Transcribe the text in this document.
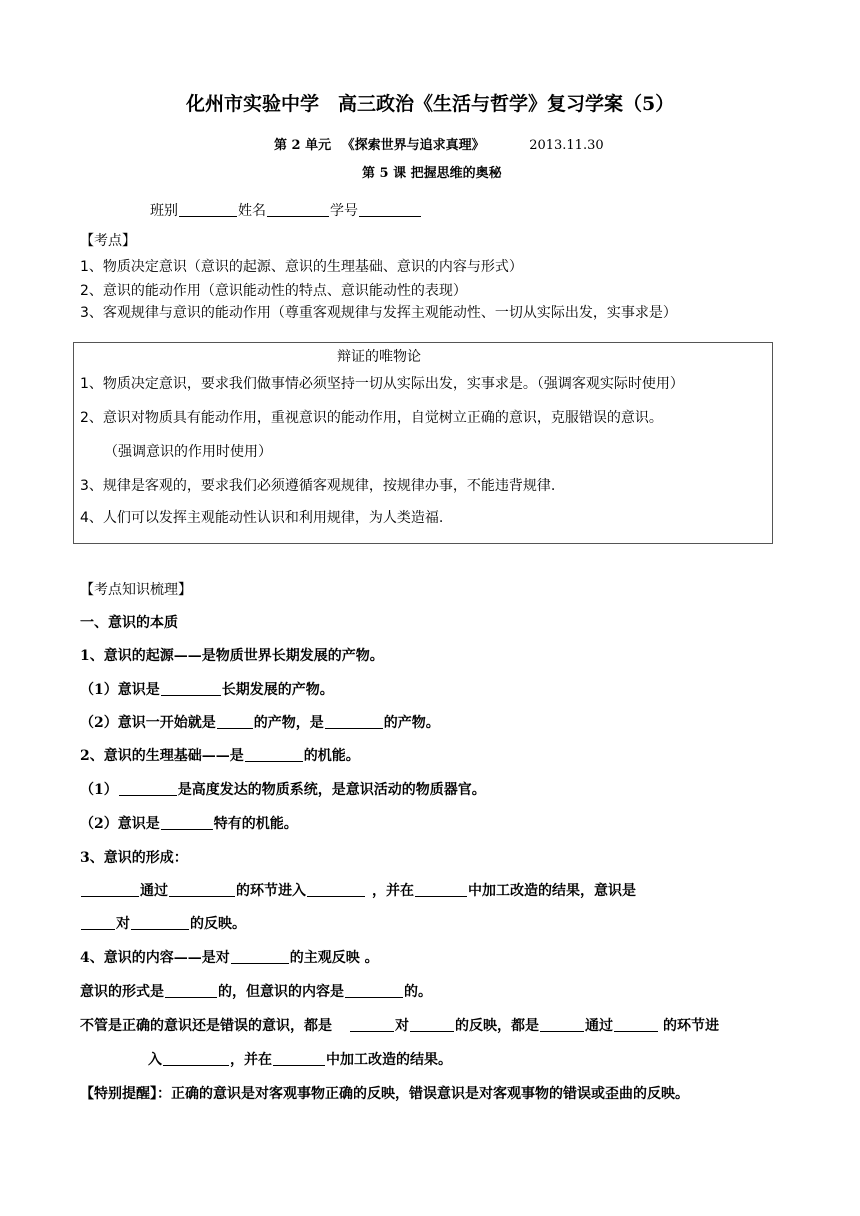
化州市实验中学　高三政治《生活与哲学》复习学案（5）
第 2 单元 《探索世界与追求真理》	2013.11.30
第 5 课 把握思维的奥秘
班别	姓名	学号
【考点】
1、物质决定意识（意识的起源、意识的生理基础、意识的内容与形式）
2、意识的能动作用（意识能动性的特点、意识能动性的表现）
3、客观规律与意识的能动作用（尊重客观规律与发挥主观能动性、一切从实际出发，实事求是）
辩证的唯物论
1、物质决定意识，要求我们做事情必须坚持一切从实际出发，实事求是。（强调客观实际时使用）
2、意识对物质具有能动作用，重视意识的能动作用，自觉树立正确的意识，克服错误的意识。
（强调意识的作用时使用）
3、规律是客观的，要求我们必须遵循客观规律，按规律办事，不能违背规律.
4、人们可以发挥主观能动性认识和利用规律，为人类造福.
【考点知识梳理】
一、意识的本质
1、意识的起源——是物质世界长期发展的产物。
（1）意识是	长期发展的产物。
（2）意识一开始就是	的产物，是	的产物。
2、意识的生理基础——是	的机能。
（1）	是高度发达的物质系统，是意识活动的物质器官。
（2）意识是	特有的机能。
3、意识的形成：
通过	的环节进入	，并在	中加工改造的结果，意识是
对	的反映。
4、意识的内容——是对	的主观反映 。
意识的形式是	的，但意识的内容是	的。
不管是正确的意识还是错误的意识，都是	对	的反映，都是	通过	的环节进
入	，并在	中加工改造的结果。
【特别提醒】：正确的意识是对客观事物正确的反映，错误意识是对客观事物的错误或歪曲的反映。
